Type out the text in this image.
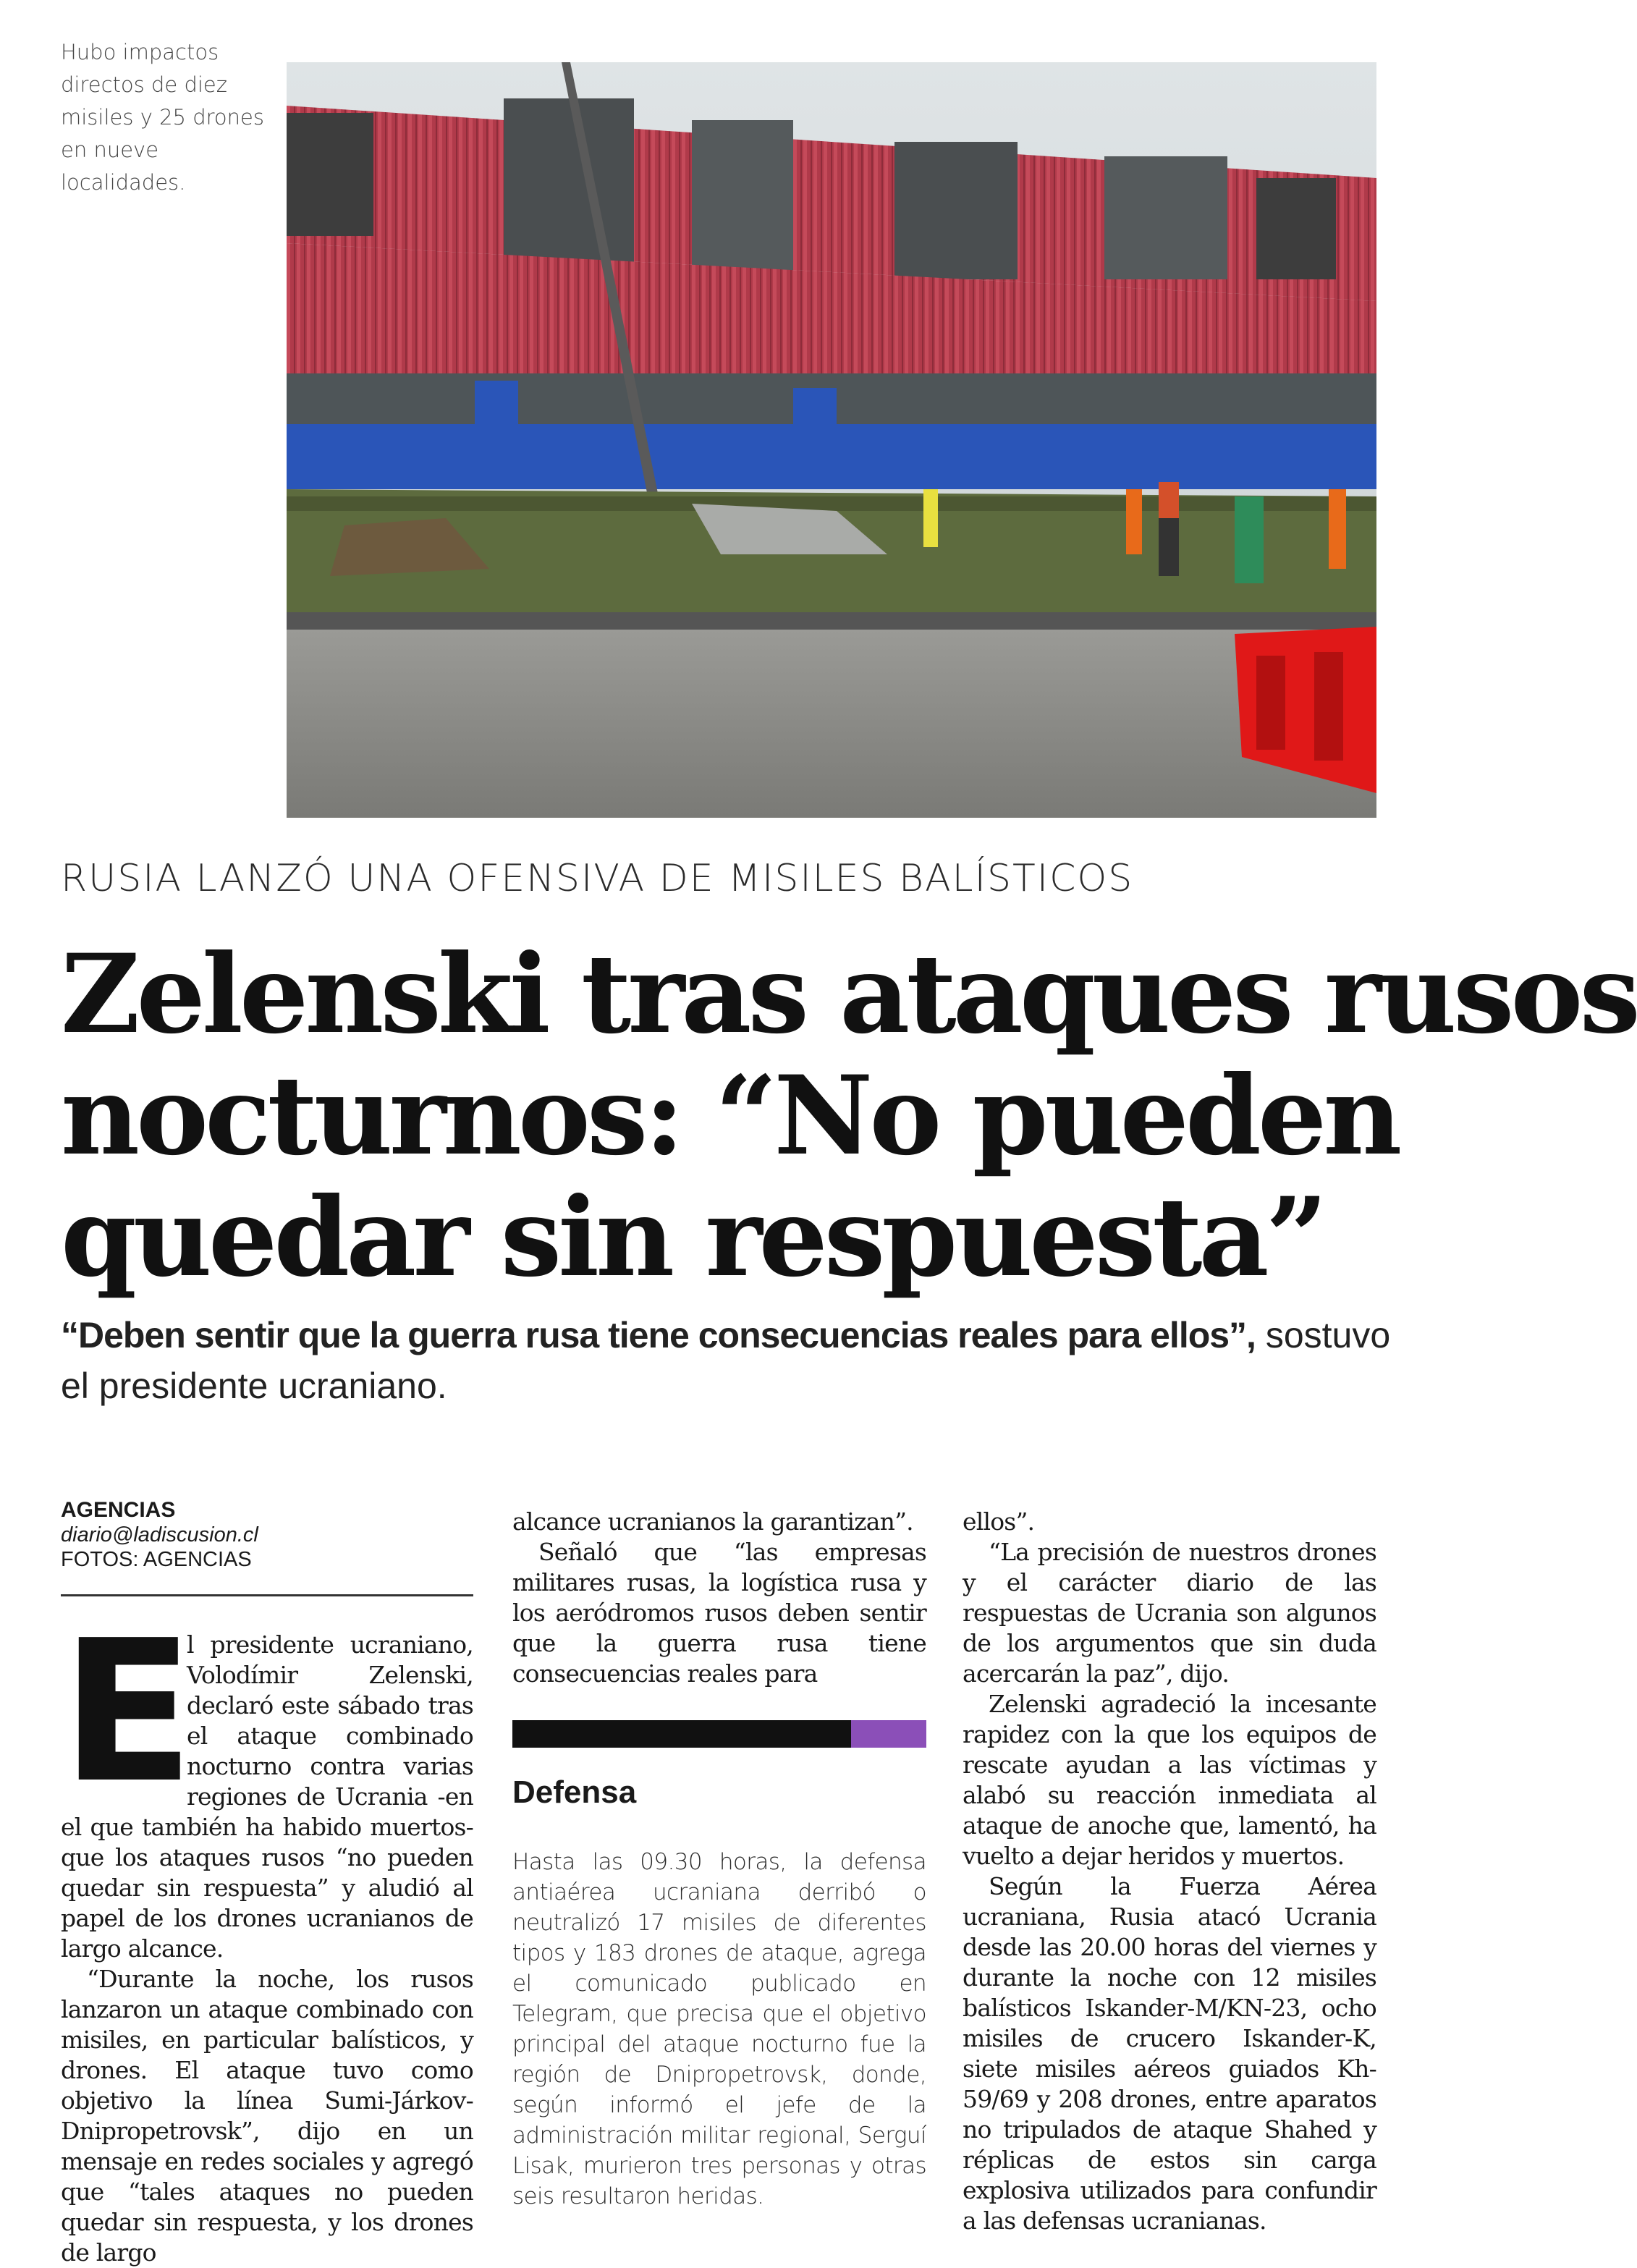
Hubo impactos directos de diez misiles y 25 drones en nueve localidades.
RUSIA LANZÓ UNA OFENSIVA DE MISILES BALÍSTICOS
Zelenski tras ataques rusos
nocturnos: “No pueden
quedar sin respuesta”
“Deben sentir que la guerra rusa tiene consecuencias reales para ellos”, sostuvo el presidente ucraniano.
AGENCIAS
diario@ladiscusion.cl
FOTOS: AGENCIAS
E

l presidente ucraniano, Volodímir Zelenski, declaró este sábado tras el ataque combinado nocturno contra varias regiones de Ucrania -en el que también ha habido muertos- que los ataques rusos “no pueden quedar sin respuesta” y aludió al papel de los drones ucranianos de largo alcance.

“Durante la noche, los rusos lanzaron un ataque combinado con misiles, en particular balísticos, y drones. El ataque tuvo como objetivo la línea Sumi-Járkov-Dnipropetrovsk”, dijo en un mensaje en redes sociales y agregó que “tales ataques no pueden quedar sin respuesta, y los drones de largo

alcance ucranianos la garantizan”.

Señaló que “las empresas militares rusas, la logística rusa y los aeródromos rusos deben sentir que la guerra rusa tiene consecuencias reales para

Defensa
Hasta las 09.30 horas, la defensa antiaérea ucraniana derribó o neutralizó 17 misiles de diferentes tipos y 183 drones de ataque, agrega el comunicado publicado en Telegram, que precisa que el objetivo principal del ataque nocturno fue la región de Dnipropetrovsk, donde, según informó el jefe de la administración militar regional, Serguí Lisak, murieron tres personas y otras seis resultaron heridas.

ellos”.

“La precisión de nuestros drones y el carácter diario de las respuestas de Ucrania son algunos de los argumentos que sin duda acercarán la paz”, dijo.

Zelenski agradeció la incesante rapidez con la que los equipos de rescate ayudan a las víctimas y alabó su reacción inmediata al ataque de anoche que, lamentó, ha vuelto a dejar heridos y muertos.

Según la Fuerza Aérea ucraniana, Rusia atacó Ucrania desde las 20.00 horas del viernes y durante la noche con 12 misiles balísticos Iskander-M/KN-23, ocho misiles de crucero Iskander-K, siete misiles aéreos guiados Kh-59/69 y 208 drones, entre aparatos no tripulados de ataque Shahed y réplicas de estos sin carga explosiva utilizados para confundir a las defensas ucranianas.
